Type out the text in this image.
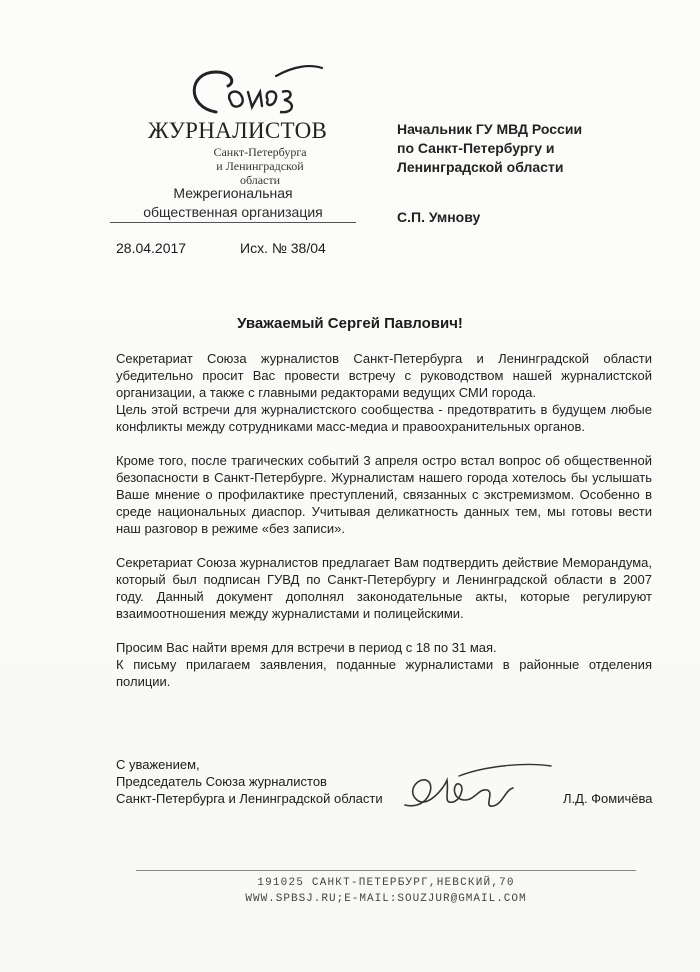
ЖУРНАЛИСТОВ
Санкт-Петербурга
и Ленинградской области
Межрегиональная
общественная организация
28.04.2017	Исх. № 38/04
Начальник ГУ МВД России
по Санкт-Петербургу и
Ленинградской области
С.П. Умнову
Уважаемый Сергей Павлович!

Секретариат Союза журналистов Санкт-Петербурга и Ленинградской области убедительно просит Вас провести встречу с руководством нашей журналистской организации, а также с главными редакторами ведущих СМИ города.

Цель этой встречи для журналистского сообщества - предотвратить в будущем любые конфликты между сотрудниками масс-медиа и правоохранительных органов.

Кроме того, после трагических событий 3 апреля остро встал вопрос об общественной безопасности в Санкт-Петербурге. Журналистам нашего города хотелось бы услышать Ваше мнение о профилактике преступлений, связанных с экстремизмом. Особенно в среде национальных диаспор. Учитывая деликатность данных тем, мы готовы вести наш разговор в режиме «без записи».

Секретариат Союза журналистов предлагает Вам подтвердить действие Меморандума, который был подписан ГУВД по Санкт-Петербургу и Ленинградской области в 2007 году. Данный документ дополнял законодательные акты, которые регулируют взаимоотношения между журналистами и полицейскими.

Просим Вас найти время для встречи в период с 18 по 31 мая.

К письму прилагаем заявления, поданные журналистами в районные отделения полиции.

С уважением,
Председатель Союза журналистов
Санкт-Петербурга и Ленинградской области	Л.Д. Фомичёва
191025 САНКТ-ПЕТЕРБУРГ,НЕВСКИЙ,70
WWW.SPBSJ.RU;E-MAIL:SOUZJUR@GMAIL.COM
